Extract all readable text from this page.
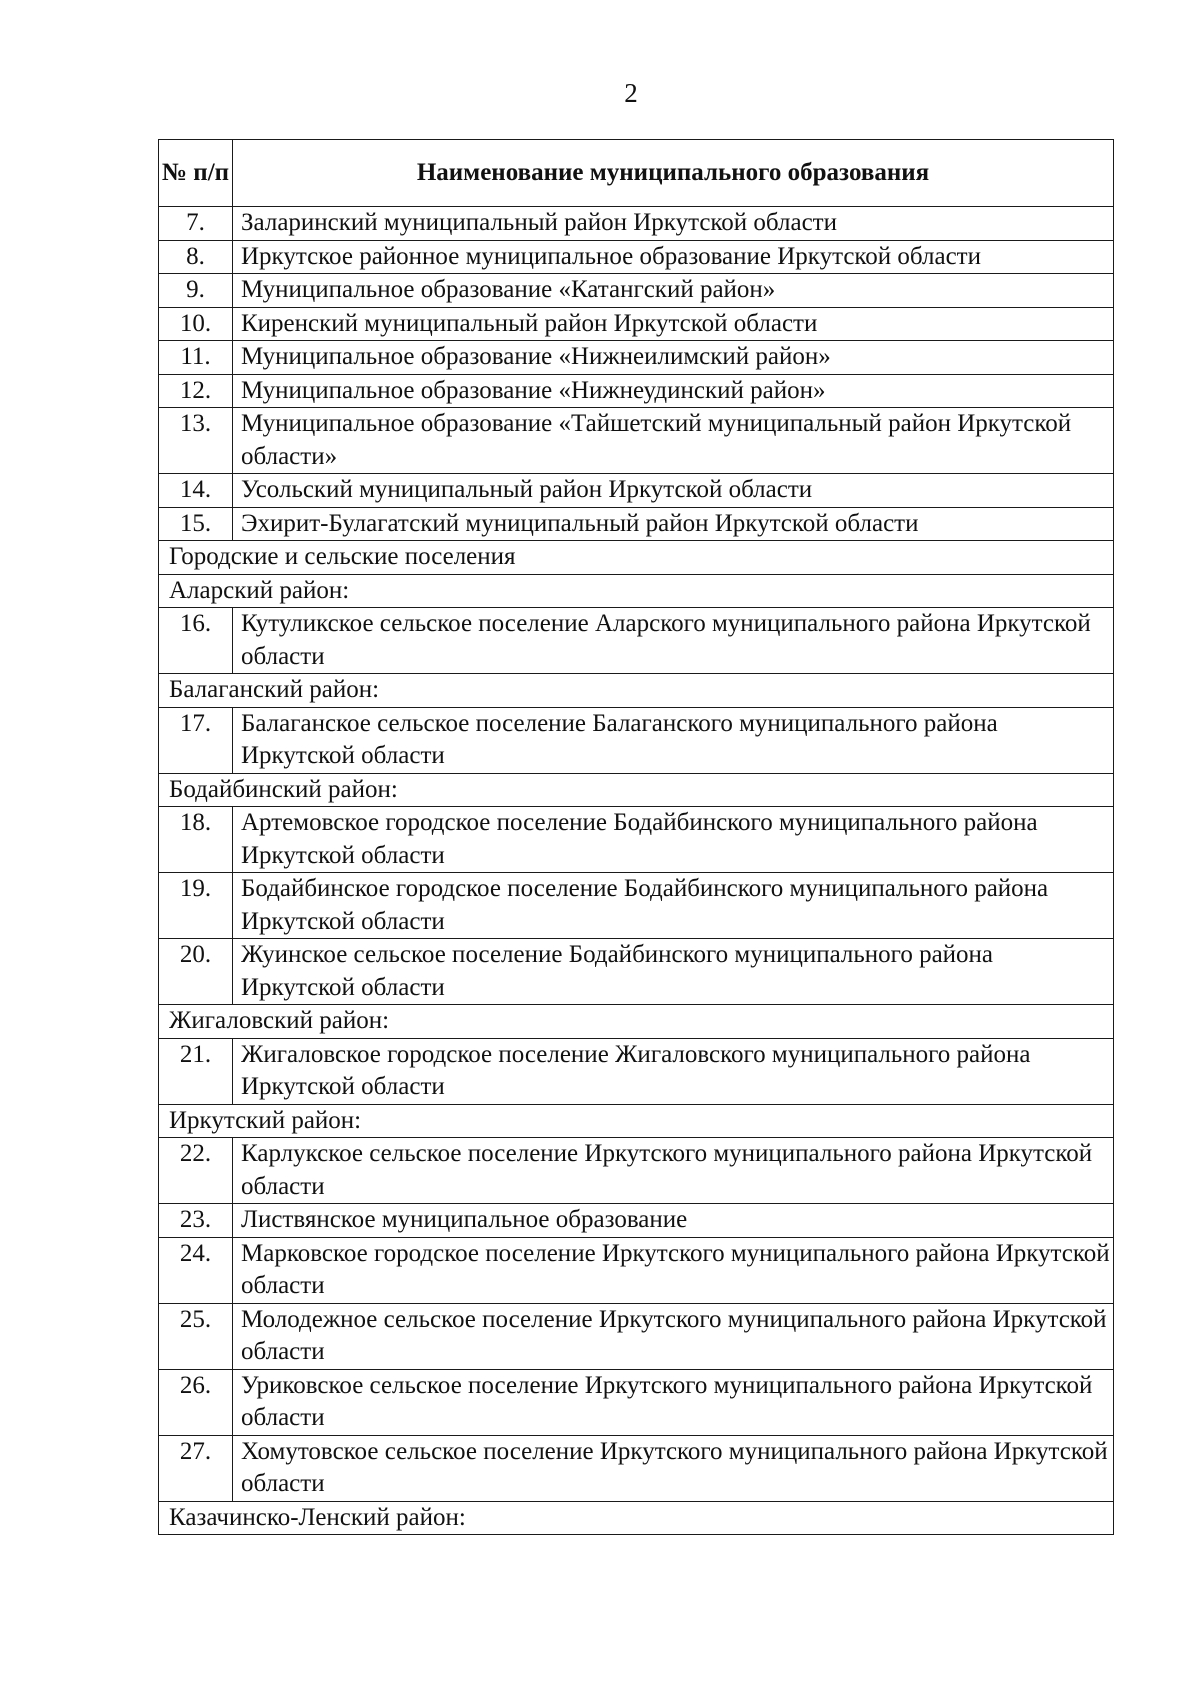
2
№ п/п	Наименование муниципального образования
7.	Заларинский муниципальный район Иркутской области
8.	Иркутское районное муниципальное образование Иркутской области
9.	Муниципальное образование «Катангский район»
10.	Киренский муниципальный район Иркутской области
11.	Муниципальное образование «Нижнеилимский район»
12.	Муниципальное образование «Нижнеудинский район»
13.	Муниципальное образование «Тайшетский муниципальный район Иркутской области»
14.	Усольский муниципальный район Иркутской области
15.	Эхирит-Булагатский муниципальный район Иркутской области
Городские и сельские поселения	
Аларский район:	
16.	Кутуликское сельское поселение Аларского муниципального района Иркутской области
Балаганский район:	
17.	Балаганское сельское поселение Балаганского муниципального района Иркутской области
Бодайбинский район:	
18.	Артемовское городское поселение Бодайбинского муниципального района Иркутской области
19.	Бодайбинское городское поселение Бодайбинского муниципального района Иркутской области
20.	Жуинское сельское поселение Бодайбинского муниципального района Иркутской области
Жигаловский район:	
21.	Жигаловское городское поселение Жигаловского муниципального района Иркутской области
Иркутский район:	
22.	Карлукское сельское поселение Иркутского муниципального района Иркутской области
23.	Листвянское муниципальное образование
24.	Марковское городское поселение Иркутского муниципального района Иркутской области
25.	Молодежное сельское поселение Иркутского муниципального района Иркутской области
26.	Уриковское сельское поселение Иркутского муниципального района Иркутской области
27.	Хомутовское сельское поселение Иркутского муниципального района Иркутской области
Казачинско-Ленский район:	
